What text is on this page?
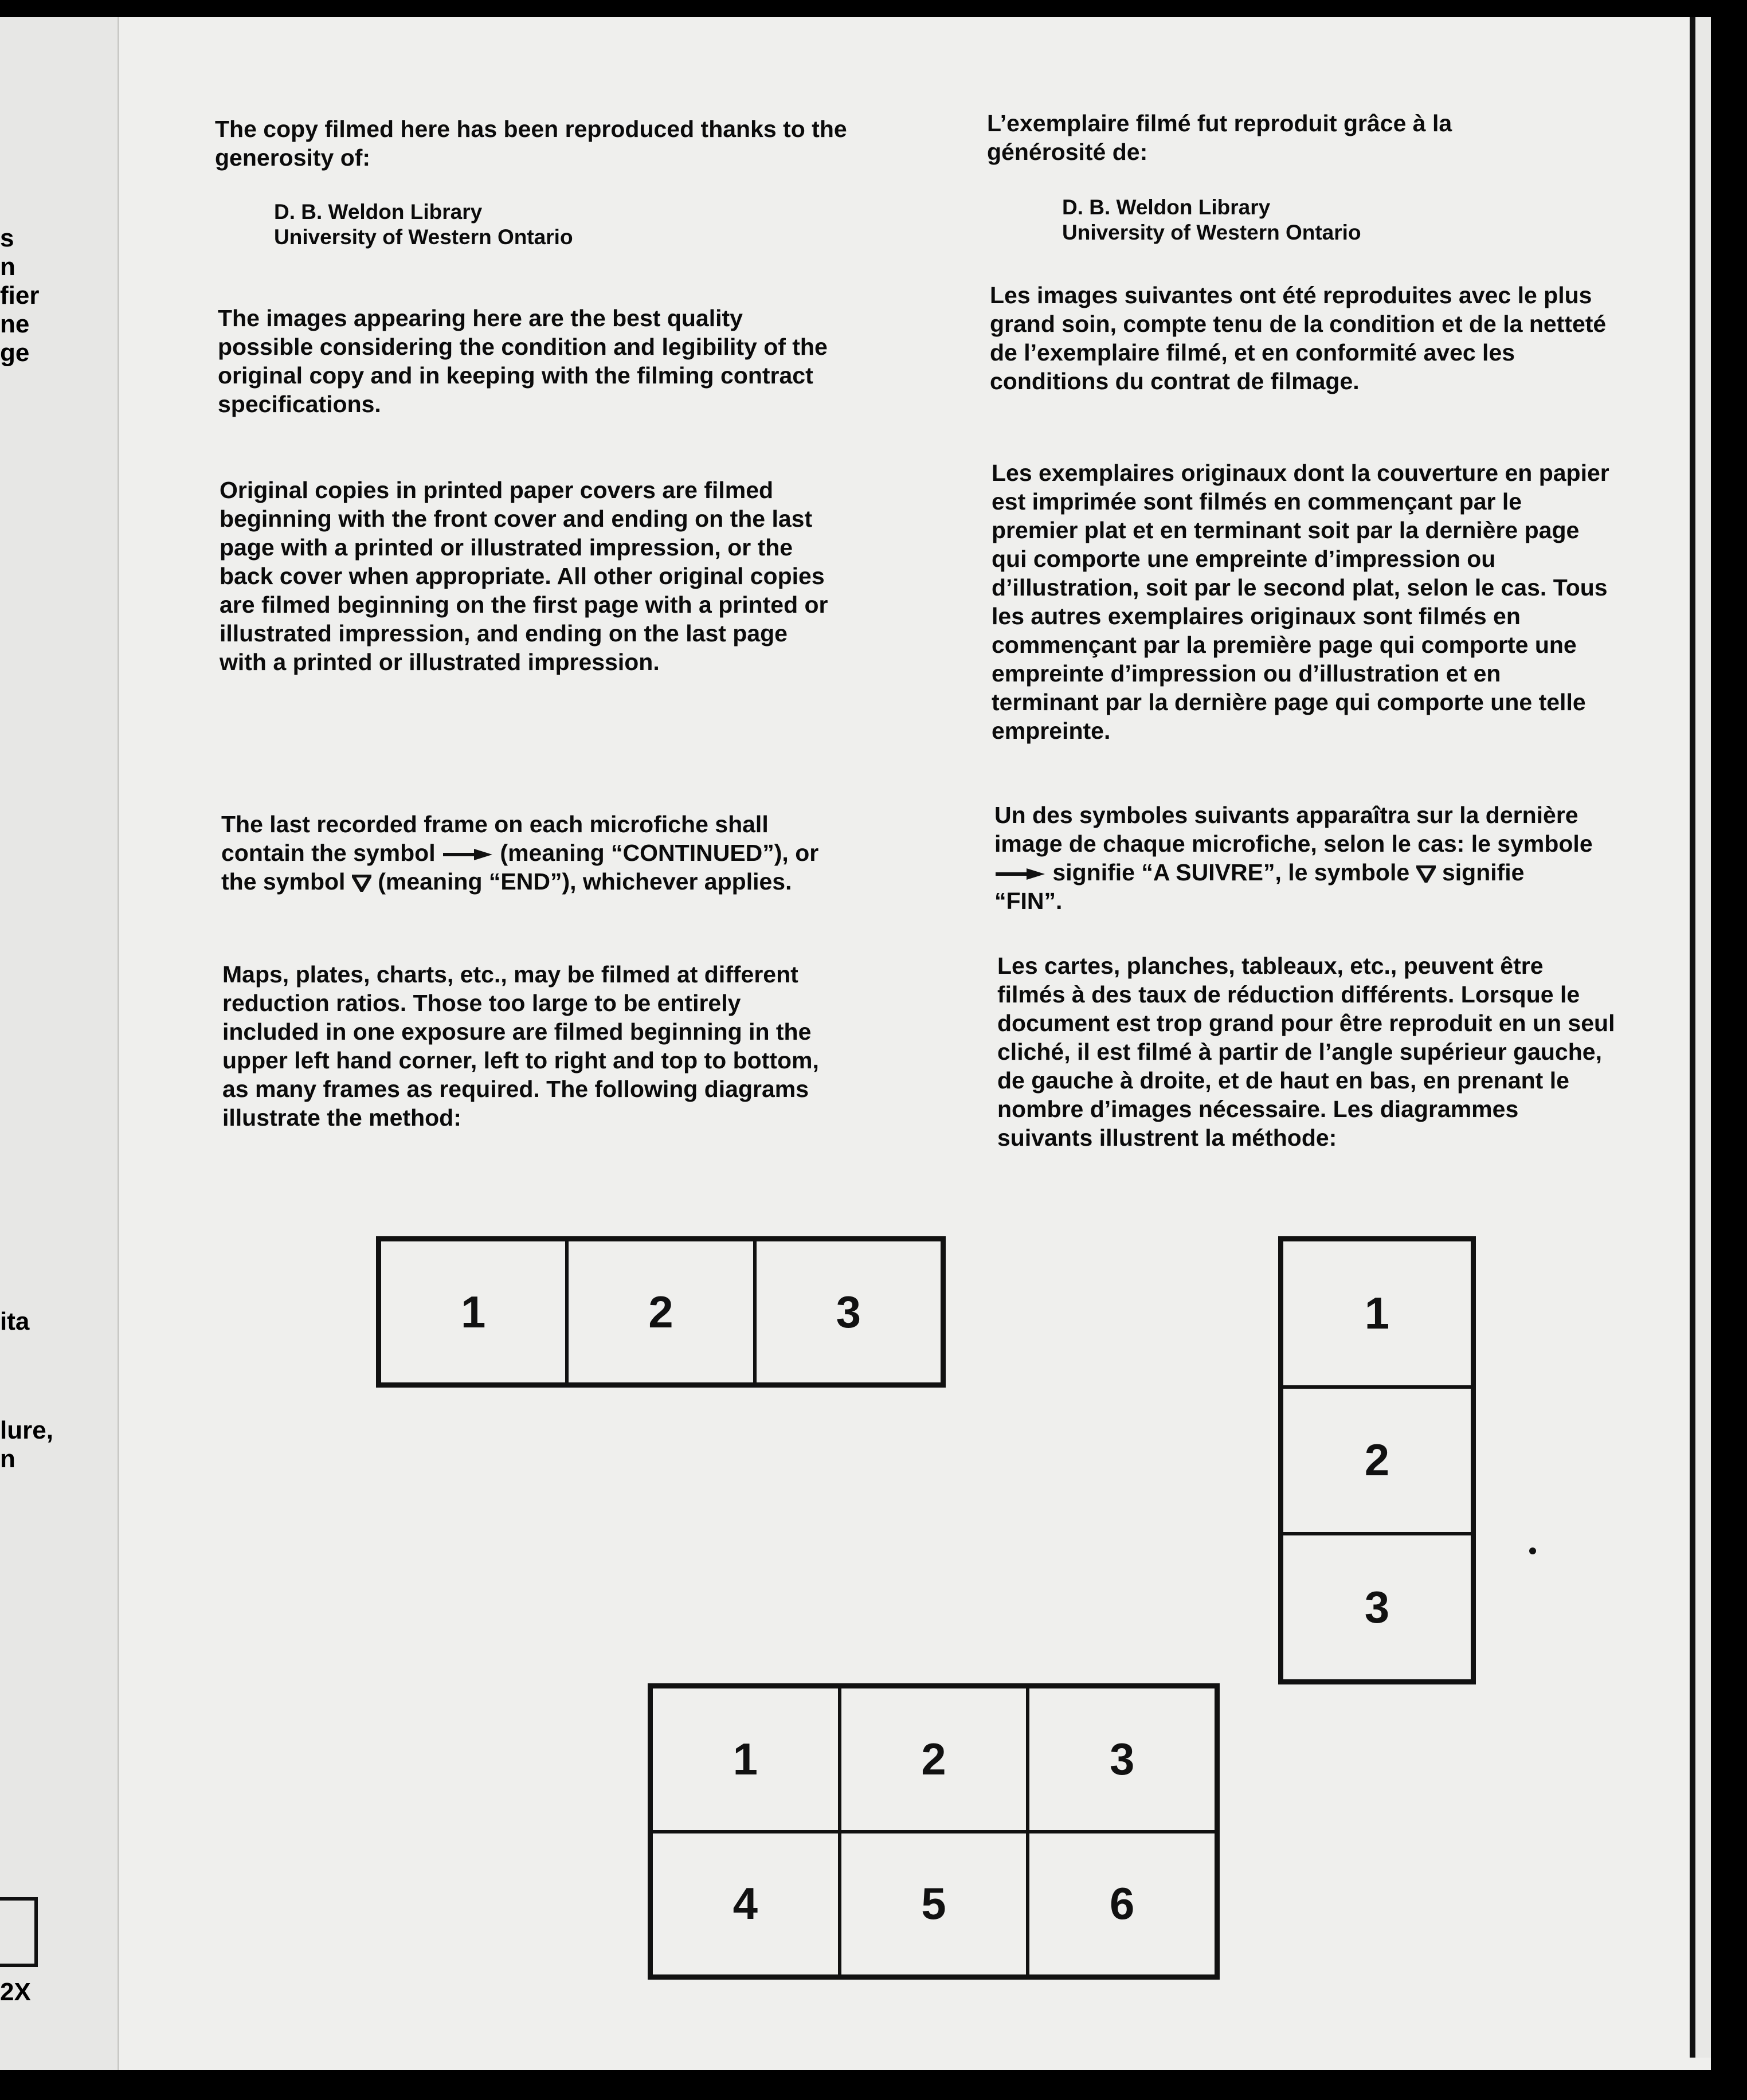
s
n
fier
ne
ge
ita
lure,
n
2X

The copy filmed here has been reproduced thanks to the generosity of:

D. B. Weldon Library
University of Western Ontario

The images appearing here are the best quality possible considering the condition and legibility of the original copy and in keeping with the filming contract specifications.

Original copies in printed paper covers are filmed beginning with the front cover and ending on the last page with a printed or illustrated impression, or the back cover when appropriate. All other original copies are filmed beginning on the first page with a printed or illustrated impression, and ending on the last page with a printed or illustrated impression.

The last recorded frame on each microfiche shall contain the symbol	(meaning “CONTINUED”), or the symbol (meaning “END”), whichever applies.

Maps, plates, charts, etc., may be filmed at different reduction ratios. Those too large to be entirely included in one exposure are filmed beginning in the upper left hand corner, left to right and top to bottom, as many frames as required. The following diagrams illustrate the method:

L’exemplaire filmé fut reproduit grâce à la générosité de:

D. B. Weldon Library
University of Western Ontario

Les images suivantes ont été reproduites avec le plus grand soin, compte tenu de la condition et de la netteté de l’exemplaire filmé, et en conformité avec les conditions du contrat de filmage.

Les exemplaires originaux dont la couverture en papier est imprimée sont filmés en commençant par le premier plat et en terminant soit par la dernière page qui comporte une empreinte d’impression ou d’illustration, soit par le second plat, selon le cas. Tous les autres exemplaires originaux sont filmés en commençant par la première page qui comporte une empreinte d’impression ou d’illustration et en terminant par la dernière page qui comporte une telle empreinte.

Un des symboles suivants apparaîtra sur la dernière image de chaque microfiche, selon le cas: le symbole  signifie “A SUIVRE”, le symbole signifie “FIN”.

Les cartes, planches, tableaux, etc., peuvent être filmés à des taux de réduction différents. Lorsque le document est trop grand pour être reproduit en un seul cliché, il est filmé à partir de l’angle supérieur gauche, de gauche à droite, et de haut en bas, en prenant le nombre d’images nécessaire. Les diagrammes suivants illustrent la méthode:

1	2	3	1
2
3
1	2	3
4	5	6
